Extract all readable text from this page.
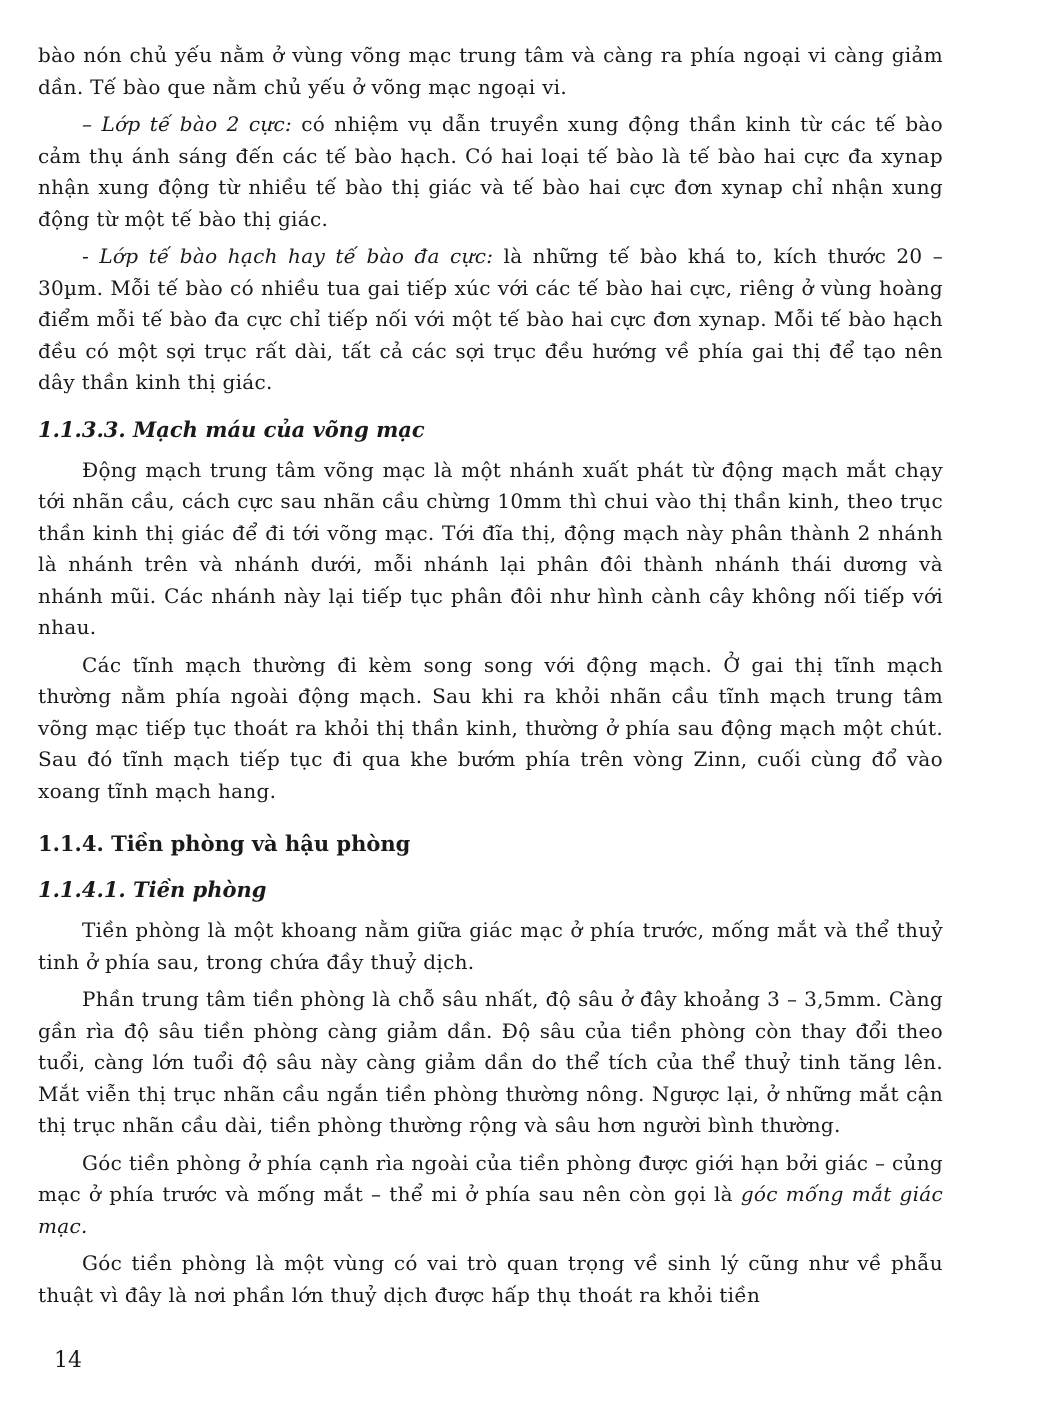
bào nón chủ yếu nằm ở vùng võng mạc trung tâm và càng ra phía ngoại vi càng giảm dần. Tế bào que nằm chủ yếu ở võng mạc ngoại vi.

– Lớp tế bào 2 cực: có nhiệm vụ dẫn truyền xung động thần kinh từ các tế bào cảm thụ ánh sáng đến các tế bào hạch. Có hai loại tế bào là tế bào hai cực đa xynap nhận xung động từ nhiều tế bào thị giác và tế bào hai cực đơn xynap chỉ nhận xung động từ một tế bào thị giác.

- Lớp tế bào hạch hay tế bào đa cực: là những tế bào khá to, kích thước 20 – 30µm. Mỗi tế bào có nhiều tua gai tiếp xúc với các tế bào hai cực, riêng ở vùng hoàng điểm mỗi tế bào đa cực chỉ tiếp nối với một tế bào hai cực đơn xynap. Mỗi tế bào hạch đều có một sợi trục rất dài, tất cả các sợi trục đều hướng về phía gai thị để tạo nên dây thần kinh thị giác.

1.1.3.3. Mạch máu của võng mạc

Động mạch trung tâm võng mạc là một nhánh xuất phát từ động mạch mắt chạy tới nhãn cầu, cách cực sau nhãn cầu chừng 10mm thì chui vào thị thần kinh, theo trục thần kinh thị giác để đi tới võng mạc. Tới đĩa thị, động mạch này phân thành 2 nhánh là nhánh trên và nhánh dưới, mỗi nhánh lại phân đôi thành nhánh thái dương và nhánh mũi. Các nhánh này lại tiếp tục phân đôi như hình cành cây không nối tiếp với nhau.

Các tĩnh mạch thường đi kèm song song với động mạch. Ở gai thị tĩnh mạch thường nằm phía ngoài động mạch. Sau khi ra khỏi nhãn cầu tĩnh mạch trung tâm võng mạc tiếp tục thoát ra khỏi thị thần kinh, thường ở phía sau động mạch một chút. Sau đó tĩnh mạch tiếp tục đi qua khe bướm phía trên vòng Zinn, cuối cùng đổ vào xoang tĩnh mạch hang.

1.1.4. Tiền phòng và hậu phòng
1.1.4.1. Tiền phòng

Tiền phòng là một khoang nằm giữa giác mạc ở phía trước, mống mắt và thể thuỷ tinh ở phía sau, trong chứa đầy thuỷ dịch.

Phần trung tâm tiền phòng là chỗ sâu nhất, độ sâu ở đây khoảng 3 – 3,5mm. Càng gần rìa độ sâu tiền phòng càng giảm dần. Độ sâu của tiền phòng còn thay đổi theo tuổi, càng lớn tuổi độ sâu này càng giảm dần do thể tích của thể thuỷ tinh tăng lên. Mắt viễn thị trục nhãn cầu ngắn tiền phòng thường nông. Ngược lại, ở những mắt cận thị trục nhãn cầu dài, tiền phòng thường rộng và sâu hơn người bình thường.

Góc tiền phòng ở phía cạnh rìa ngoài của tiền phòng được giới hạn bởi giác – củng mạc ở phía trước và mống mắt – thể mi ở phía sau nên còn gọi là góc mống mắt giác mạc.

Góc tiền phòng là một vùng có vai trò quan trọng về sinh lý cũng như về phẫu thuật vì đây là nơi phần lớn thuỷ dịch được hấp thụ thoát ra khỏi tiền

14
